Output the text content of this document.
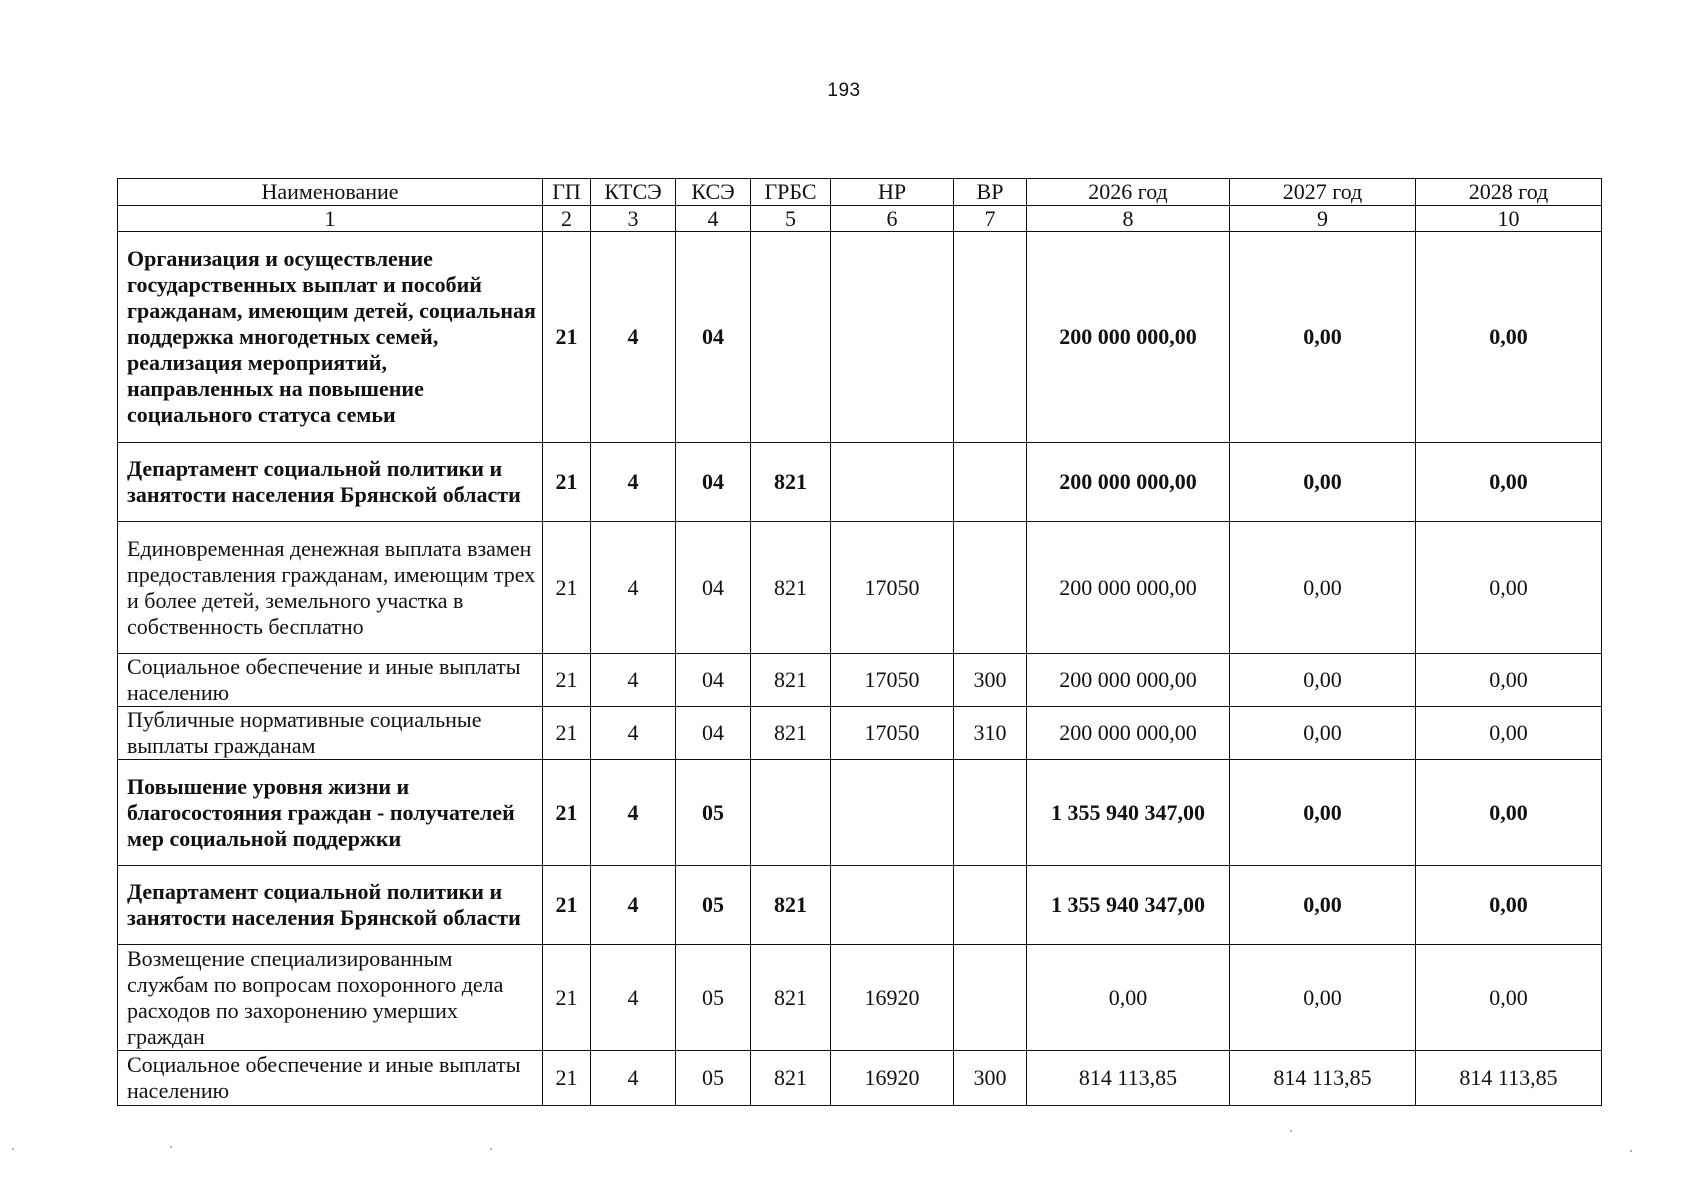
193
Наименование	ГП	КТСЭ	КСЭ	ГРБС	НР	ВР	2026 год	2027 год	2028 год
1	2	3	4	5	6	7	8	9	10
Организация и осуществление государственных выплат и пособий гражданам, имеющим детей, социальная поддержка многодетных семей, реализация мероприятий, направленных на повышение социального статуса семьи	21	4	04				200 000 000,00	0,00	0,00
Департамент социальной политики и занятости населения Брянской области	21	4	04	821			200 000 000,00	0,00	0,00
Единовременная денежная выплата взамен предоставления гражданам, имеющим трех и более детей, земельного участка в собственность бесплатно	21	4	04	821	17050		200 000 000,00	0,00	0,00
Социальное обеспечение и иные выплаты населению	21	4	04	821	17050	300	200 000 000,00	0,00	0,00
Публичные нормативные социальные выплаты гражданам	21	4	04	821	17050	310	200 000 000,00	0,00	0,00
Повышение уровня жизни и благосостояния граждан - получателей мер социальной поддержки	21	4	05				1 355 940 347,00	0,00	0,00
Департамент социальной политики и занятости населения Брянской области	21	4	05	821			1 355 940 347,00	0,00	0,00
Возмещение специализированным службам по вопросам похоронного дела расходов по захоронению умерших граждан	21	4	05	821	16920		0,00	0,00	0,00
Социальное обеспечение и иные выплаты населению	21	4	05	821	16920	300	814 113,85	814 113,85	814 113,85
